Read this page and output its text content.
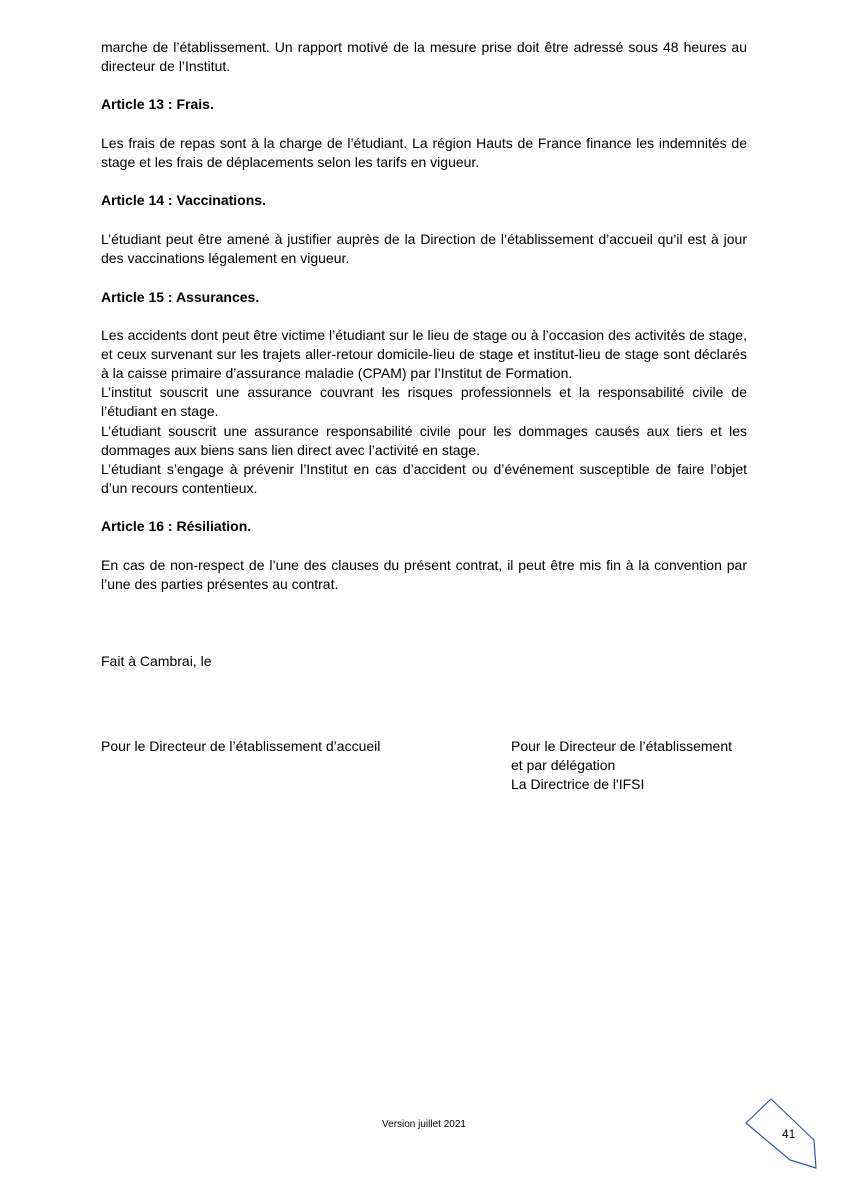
marche de l’établissement. Un rapport motivé de la mesure prise doit être adressé sous 48 heures au directeur de l’Institut.

Article 13 : Frais.

Les frais de repas sont à la charge de l’étudiant. La région Hauts de France finance les indemnités de stage et les frais de déplacements selon les tarifs en vigueur.

Article 14 : Vaccinations.

L’étudiant peut être amené à justifier auprès de la Direction de l’établissement d’accueil qu’il est à jour des vaccinations légalement en vigueur.

Article 15 : Assurances.

Les accidents dont peut être victime l’étudiant sur le lieu de stage ou à l’occasion des activités de stage, et ceux survenant sur les trajets aller-retour domicile-lieu de stage et institut-lieu de stage sont déclarés à la caisse primaire d’assurance maladie (CPAM) par l’Institut de Formation.

L’institut souscrit une assurance couvrant les risques professionnels et la responsabilité civile de l’étudiant en stage.

L’étudiant souscrit une assurance responsabilité civile pour les dommages causés aux tiers et les dommages aux biens sans lien direct avec l’activité en stage.

L’étudiant s’engage à prévenir l’Institut en cas d’accident ou d’événement susceptible de faire l’objet d’un recours contentieux.

Article 16 : Résiliation.

En cas de non-respect de l’une des clauses du présent contrat, il peut être mis fin à la convention par l’une des parties présentes au contrat.

Fait à Cambrai, le

Pour le Directeur de l’établissement d’accueil	Pour le Directeur de l’établissement
et par délégation
La Directrice de l'IFSI
Version juillet 2021
41
